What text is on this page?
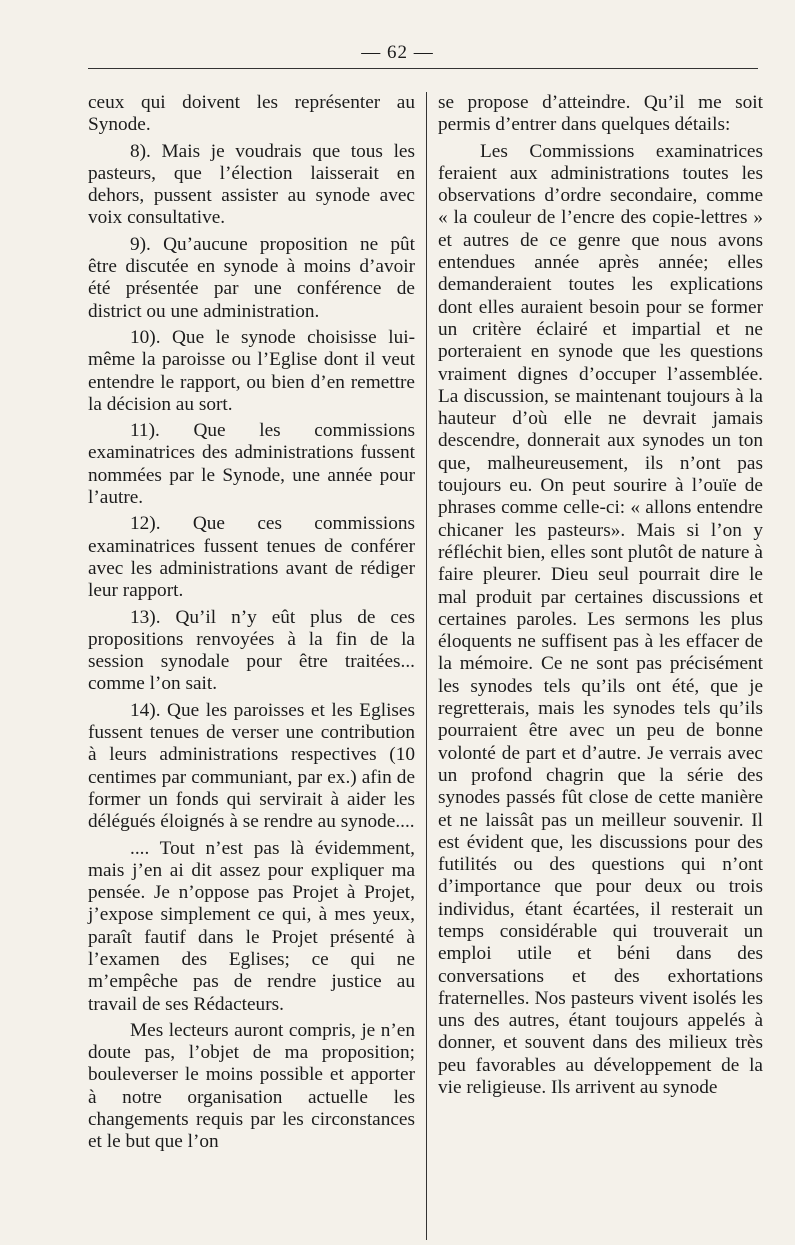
— 62 —

ceux qui doivent les représenter au Synode.

8). Mais je voudrais que tous les pasteurs, que l’élection laisserait en dehors, pussent assister au synode avec voix consultative.

9). Qu’aucune proposition ne pût être discutée en synode à moins d’avoir été présentée par une conférence de district ou une administration.

10). Que le synode choisisse lui-même la paroisse ou l’Eglise dont il veut entendre le rapport, ou bien d’en remettre la décision au sort.

11). Que les commissions examinatrices des administrations fussent nommées par le Synode, une année pour l’autre.

12). Que ces commissions examinatrices fussent tenues de conférer avec les administrations avant de rédiger leur rapport.

13). Qu’il n’y eût plus de ces propositions renvoyées à la fin de la session synodale pour être traitées... comme l’on sait.

14). Que les paroisses et les Eglises fussent tenues de verser une contribution à leurs administrations respectives (10 centimes par communiant, par ex.) afin de former un fonds qui servirait à aider les délégués éloignés à se rendre au synode....

.... Tout n’est pas là évidemment, mais j’en ai dit assez pour expliquer ma pensée. Je n’oppose pas Projet à Projet, j’expose simplement ce qui, à mes yeux, paraît fautif dans le Projet présenté à l’examen des Eglises; ce qui ne m’empêche pas de rendre justice au travail de ses Rédacteurs.

Mes lecteurs auront compris, je n’en doute pas, l’objet de ma proposition; bouleverser le moins possible et apporter à notre organisation actuelle les changements requis par les circonstances et le but que l’on

se propose d’atteindre. Qu’il me soit permis d’entrer dans quelques détails:

Les Commissions examinatrices feraient aux administrations toutes les observations d’ordre secondaire, comme « la couleur de l’encre des copie-lettres » et autres de ce genre que nous avons entendues année après année; elles demanderaient toutes les explications dont elles auraient besoin pour se former un critère éclairé et impartial et ne porteraient en synode que les questions vraiment dignes d’occuper l’assemblée. La discussion, se maintenant toujours à la hauteur d’où elle ne devrait jamais descendre, donnerait aux synodes un ton que, malheureusement, ils n’ont pas toujours eu. On peut sourire à l’ouïe de phrases comme celle-ci: « allons entendre chicaner les pasteurs». Mais si l’on y réfléchit bien, elles sont plutôt de nature à faire pleurer. Dieu seul pourrait dire le mal produit par certaines discussions et certaines paroles. Les sermons les plus éloquents ne suffisent pas à les effacer de la mémoire. Ce ne sont pas précisément les synodes tels qu’ils ont été, que je regretterais, mais les synodes tels qu’ils pourraient être avec un peu de bonne volonté de part et d’autre. Je verrais avec un profond chagrin que la série des synodes passés fût close de cette manière et ne laissât pas un meilleur souvenir. Il est évident que, les discussions pour des futilités ou des questions qui n’ont d’importance que pour deux ou trois individus, étant écartées, il resterait un temps considérable qui trouverait un emploi utile et béni dans des conversations et des exhortations fraternelles. Nos pasteurs vivent isolés les uns des autres, étant toujours appelés à donner, et souvent dans des milieux très peu favorables au développement de la vie religieuse. Ils arrivent au synode
